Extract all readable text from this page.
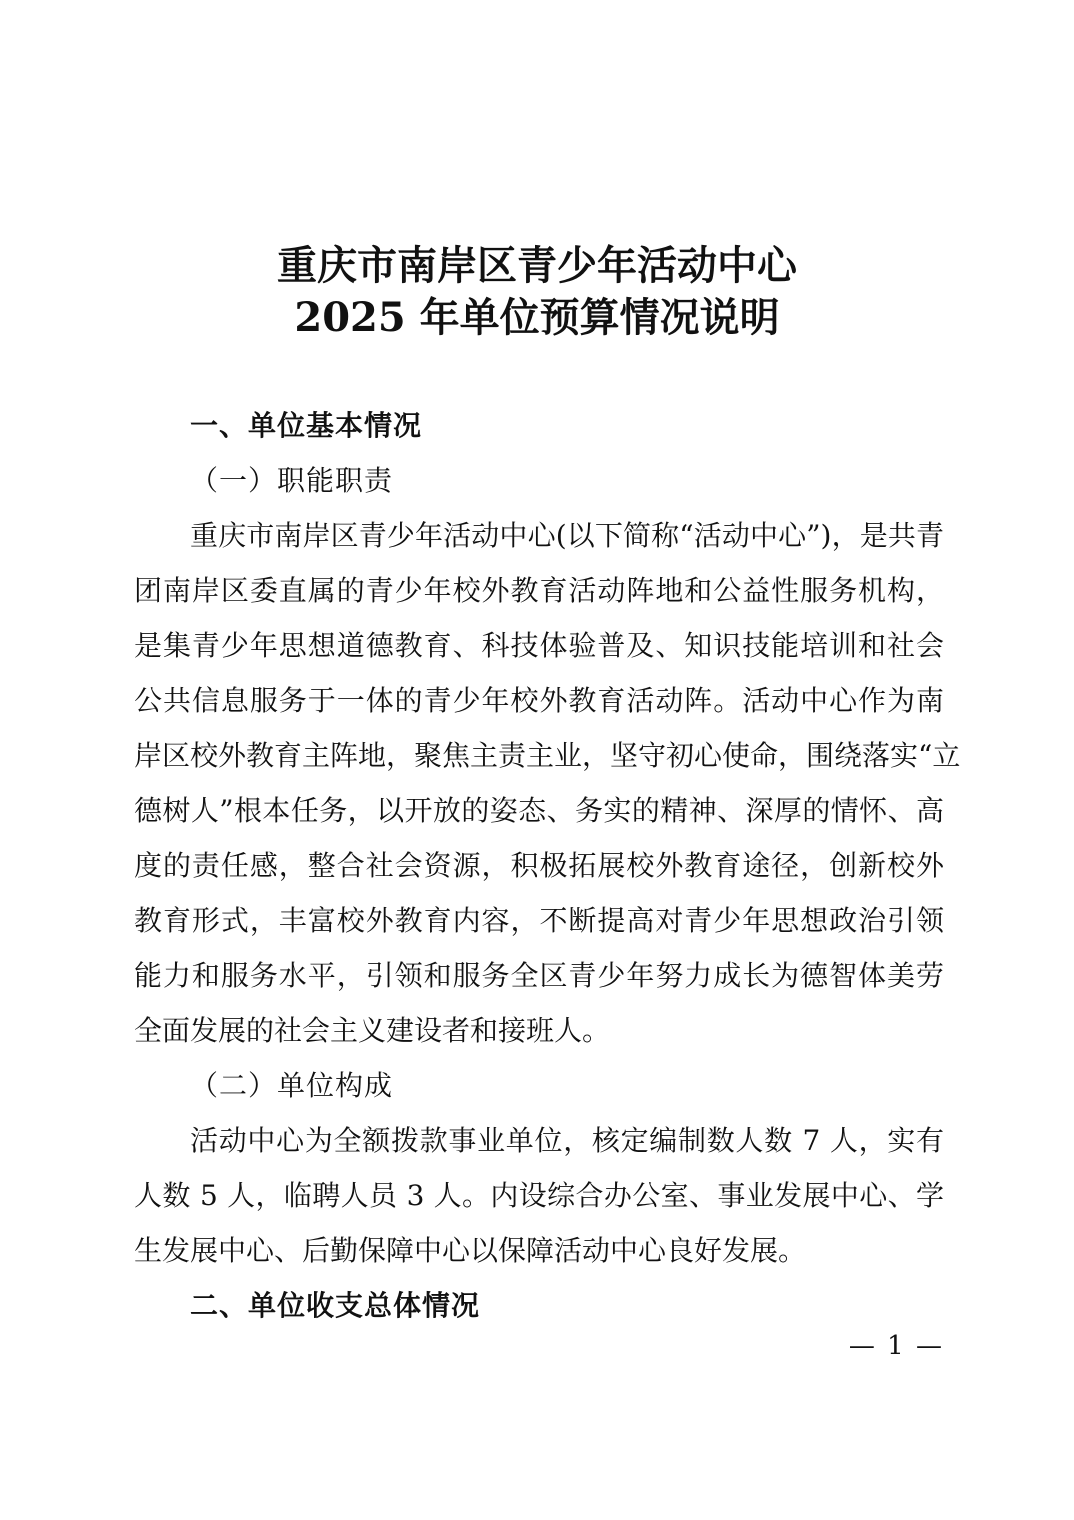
重庆市南岸区青少年活动中心
2025 年单位预算情况说明
一、单位基本情况
（一）职能职责
重庆市南岸区青少年活动中心(以下简称“活动中心”)，是共青
团南岸区委直属的青少年校外教育活动阵地和公益性服务机构，
是集青少年思想道德教育、科技体验普及、知识技能培训和社会
公共信息服务于一体的青少年校外教育活动阵。活动中心作为南
岸区校外教育主阵地，聚焦主责主业，坚守初心使命，围绕落实“立
德树人”根本任务，以开放的姿态、务实的精神、深厚的情怀、高
度的责任感，整合社会资源，积极拓展校外教育途径，创新校外
教育形式，丰富校外教育内容，不断提高对青少年思想政治引领
能力和服务水平，引领和服务全区青少年努力成长为德智体美劳
全面发展的社会主义建设者和接班人。
（二）单位构成
活动中心为全额拨款事业单位，核定编制数人数 7 人，实有
人数 5 人，临聘人员 3 人。内设综合办公室、事业发展中心、学
生发展中心、后勤保障中心以保障活动中心良好发展。
二、单位收支总体情况
— 1 —
